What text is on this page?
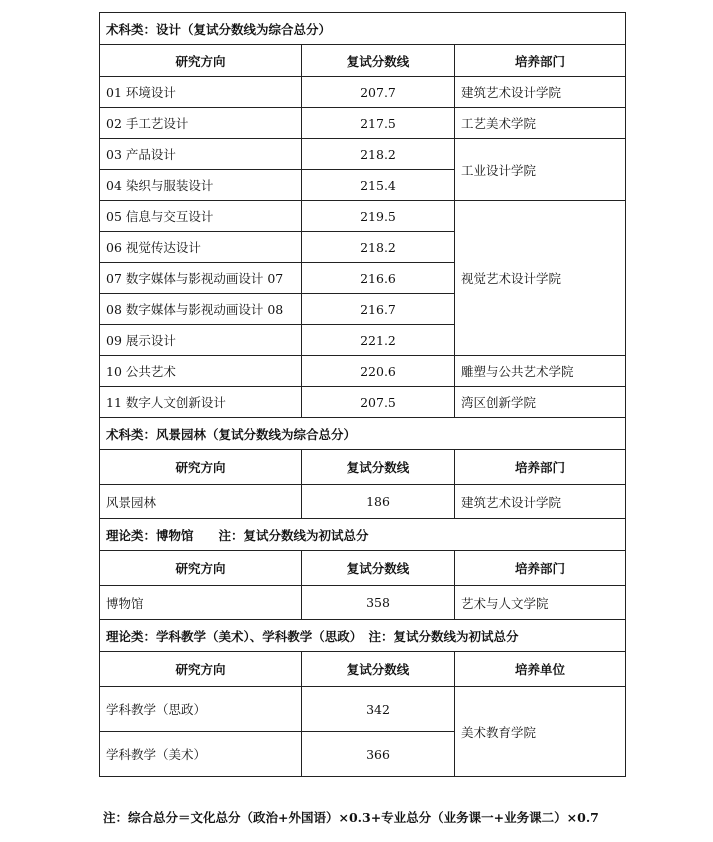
术科类：设计（复试分数线为综合总分）		
研究方向	复试分数线	培养部门
01 环境设计	207.7	建筑艺术设计学院
02 手工艺设计	217.5	工艺美术学院
03 产品设计	218.2	工业设计学院
04 染织与服装设计	215.4	
05 信息与交互设计	219.5	视觉艺术设计学院
06 视觉传达设计	218.2	
07 数字媒体与影视动画设计 07	216.6	
08 数字媒体与影视动画设计 08	216.7	
09 展示设计	221.2	
10 公共艺术	220.6	雕塑与公共艺术学院
11 数字人文创新设计	207.5	湾区创新学院
术科类：风景园林（复试分数线为综合总分）		
研究方向	复试分数线	培养部门
风景园林	186	建筑艺术设计学院
理论类：博物馆　　注：复试分数线为初试总分		
研究方向	复试分数线	培养部门
博物馆	358	艺术与人文学院
理论类：学科教学（美术）、学科教学（思政）　注：复试分数线为初试总分		
研究方向	复试分数线	培养单位
学科教学（思政）	342	美术教育学院
学科教学（美术）	366	
注：综合总分＝文化总分（政治+外国语）×0.3+专业总分（业务课一+业务课二）×0.7
